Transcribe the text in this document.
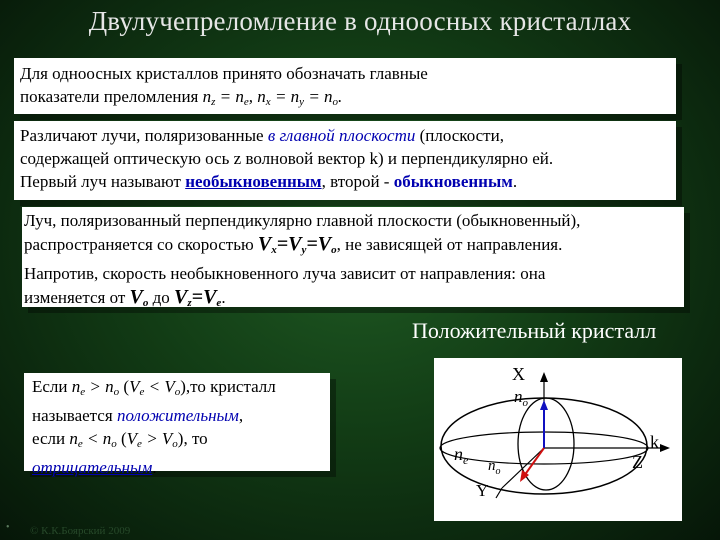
Двулучепреломление в одноосных кристаллах
Для одноосных кристаллов принято обозначать главные
показатели преломления $n_z = n_e$, $n_x = n_y = n_o$.
Различают лучи, поляризованные в главной плоскости (плоскости,
содержащей оптическую ось z волновой вектор k) и перпендикулярно ей.
Первый луч называют необыкновенным, второй - обыкновенным.
Луч, поляризованный перпендикулярно главной плоскости (обыкновенный),
распространяется со скоростью $V_x=V_y=V_o$, не зависящей от направления.
Напротив, скорость необыкновенного луча зависит от направления: она
изменяется от $V_o$ до $V_z=V_e$.
Положительный кристалл
Если $n_e > n_o$ $(V_e < V_o),то$ кристалл
называется положительным,
если $n_e < n_o$ $(V_e > V_o)$, то
отрицательным.
X
$n_o$
k
Z
$n_e$ $n_o$
Y
• © К.К.Боярский 2009
